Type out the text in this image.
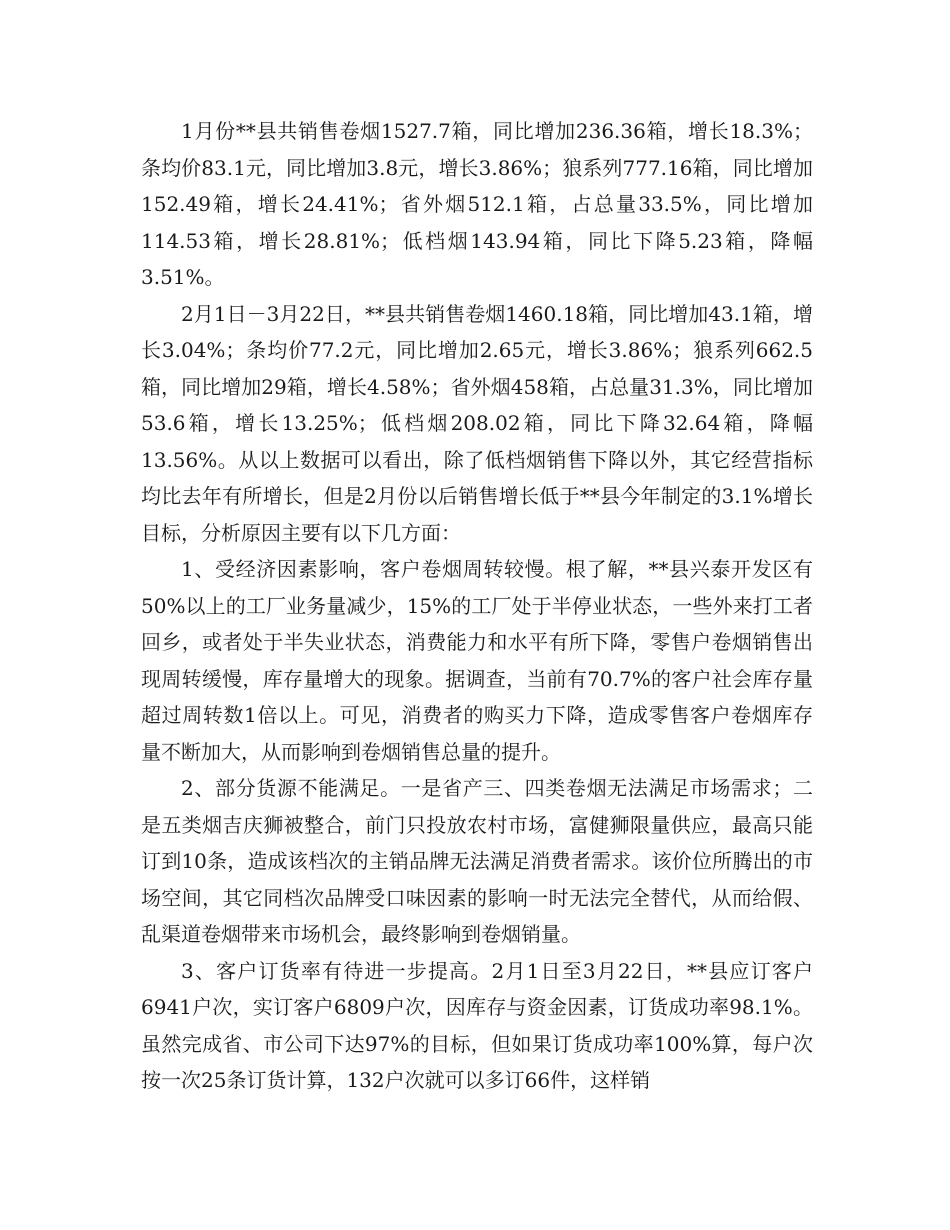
1月份**县共销售卷烟1527.7箱，同比增加236.36箱，增长18.3%；条均价83.1元，同比增加3.8元，增长3.86%；狼系列777.16箱，同比增加152.49箱，增长24.41%；省外烟512.1箱，占总量33.5%，同比增加114.53箱，增长28.81%；低档烟143.94箱，同比下降5.23箱，降幅3.51%。

2月1日－3月22日，**县共销售卷烟1460.18箱，同比增加43.1箱，增长3.04%；条均价77.2元，同比增加2.65元，增长3.86%；狼系列662.5箱，同比增加29箱，增长4.58%；省外烟458箱，占总量31.3%，同比增加53.6箱，增长13.25%；低档烟208.02箱，同比下降32.64箱，降幅13.56%。从以上数据可以看出，除了低档烟销售下降以外，其它经营指标均比去年有所增长，但是2月份以后销售增长低于**县今年制定的3.1%增长目标，分析原因主要有以下几方面：

1、受经济因素影响，客户卷烟周转较慢。根了解，**县兴泰开发区有50%以上的工厂业务量减少，15%的工厂处于半停业状态，一些外来打工者回乡，或者处于半失业状态，消费能力和水平有所下降，零售户卷烟销售出现周转缓慢，库存量增大的现象。据调查，当前有70.7%的客户社会库存量超过周转数1倍以上。可见，消费者的购买力下降，造成零售客户卷烟库存量不断加大，从而影响到卷烟销售总量的提升。

2、部分货源不能满足。一是省产三、四类卷烟无法满足市场需求；二是五类烟吉庆狮被整合，前门只投放农村市场，富健狮限量供应，最高只能订到10条，造成该档次的主销品牌无法满足消费者需求。该价位所腾出的市场空间，其它同档次品牌受口味因素的影响一时无法完全替代，从而给假、乱渠道卷烟带来市场机会，最终影响到卷烟销量。

3、客户订货率有待进一步提高。2月1日至3月22日，**县应订客户6941户次，实订客户6809户次，因库存与资金因素，订货成功率98.1%。虽然完成省、市公司下达97%的目标，但如果订货成功率100%算，每户次按一次25条订货计算，132户次就可以多订66件，这样销
